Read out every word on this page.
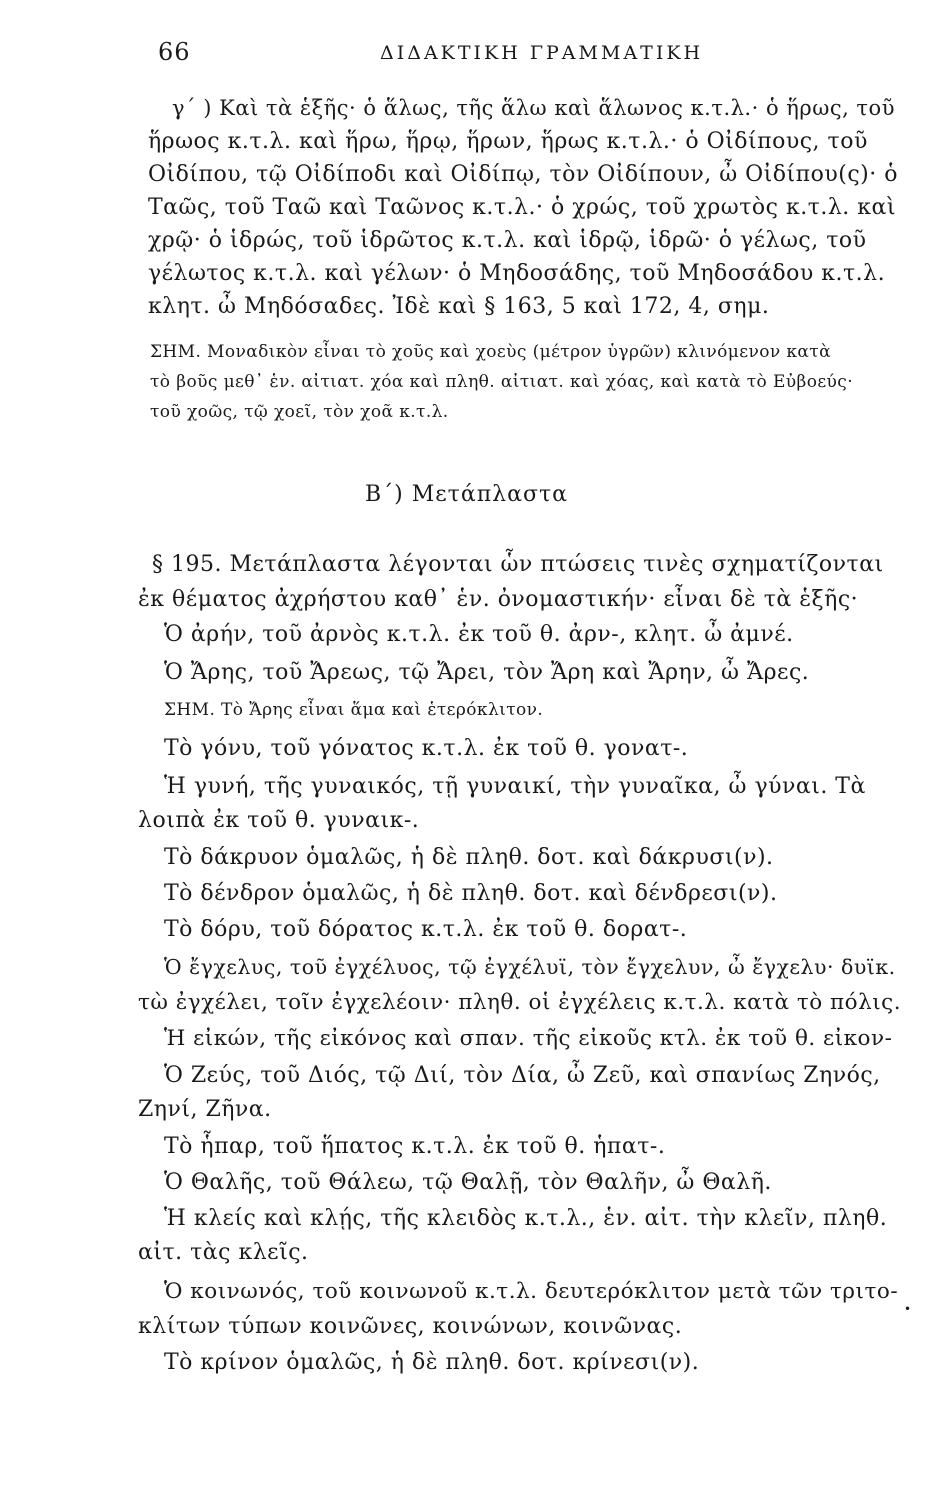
66	ΔΙΔΑΚΤΙΚΗ ΓΡΑΜΜΑΤΙΚΗ
γ΄ ) Καὶ τὰ ἑξῆς· ὁ ἅλως, τῆς ἅλω καὶ ἅλωνος κ.τ.λ.· ὁ ἥρως, τοῦ
ἥρωος κ.τ.λ. καὶ ἥρω, ἥρῳ, ἥρων, ἥρως κ.τ.λ.· ὁ Οἰδίπους, τοῦ
Οἰδίπου, τῷ Οἰδίποδι καὶ Οἰδίπῳ, τὸν Οἰδίπουν, ὦ Οἰδίπου(ς)· ὁ
Ταῶς, τοῦ Ταῶ καὶ Ταῶνος κ.τ.λ.· ὁ χρώς, τοῦ χρωτὸς κ.τ.λ. καὶ
χρῷ· ὁ ἱδρώς, τοῦ ἱδρῶτος κ.τ.λ. καὶ ἱδρῷ, ἱδρῶ· ὁ γέλως, τοῦ
γέλωτος κ.τ.λ. καὶ γέλων· ὁ Μηδοσάδης, τοῦ Μηδοσάδου κ.τ.λ.
κλητ. ὦ Μηδόσαδες. Ἰδὲ καὶ § 163, 5 καὶ 172, 4, σημ.
ΣΗΜ. Μοναδικὸν εἶναι τὸ χοῦς καὶ χοεὺς (μέτρον ὑγρῶν) κλινόμενον κατὰ
τὸ βοῦς μεθ᾽ ἑν. αἰτιατ. χόα καὶ πληθ. αἰτιατ. καὶ χόας, καὶ κατὰ τὸ Εὐβοεύς·
τοῦ χοῶς, τῷ χοεῖ, τὸν χοᾶ κ.τ.λ.
Β΄) Μετάπλαστα
§ 195. Μετάπλαστα λέγονται ὧν πτώσεις τινὲς σχηματίζονται
ἐκ θέματος ἀχρήστου καθ᾽ ἑν. ὀνομαστικήν· εἶναι δὲ τὰ ἑξῆς·
Ὁ ἀρήν, τοῦ ἀρνὸς κ.τ.λ. ἐκ τοῦ θ. ἀρν-, κλητ. ὦ ἀμνέ.
Ὁ Ἄρης, τοῦ Ἄρεως, τῷ Ἄρει, τὸν Ἄρη καὶ Ἄρην, ὦ Ἄρες.
ΣΗΜ. Τὸ Ἄρης εἶναι ἅμα καὶ ἑτερόκλιτον.
Τὸ γόνυ, τοῦ γόνατος κ.τ.λ. ἐκ τοῦ θ. γονατ-.
Ἡ γυνή, τῆς γυναικός, τῇ γυναικί, τὴν γυναῖκα, ὦ γύναι. Τὰ
λοιπὰ ἐκ τοῦ θ. γυναικ-.
Τὸ δάκρυον ὁμαλῶς, ἡ δὲ πληθ. δοτ. καὶ δάκρυσι(ν).
Τὸ δένδρον ὁμαλῶς, ἡ δὲ πληθ. δοτ. καὶ δένδρεσι(ν).
Τὸ δόρυ, τοῦ δόρατος κ.τ.λ. ἐκ τοῦ θ. δορατ-.
Ὁ ἔγχελυς, τοῦ ἐγχέλυος, τῷ ἐγχέλυϊ, τὸν ἔγχελυν, ὦ ἔγχελυ· δυϊκ.
τὼ ἐγχέλει, τοῖν ἐγχελέοιν· πληθ. οἱ ἐγχέλεις κ.τ.λ. κατὰ τὸ πόλις.
Ἡ εἰκών, τῆς εἰκόνος καὶ σπαν. τῆς εἰκοῦς κτλ. ἐκ τοῦ θ. εἰκον-
Ὁ Ζεύς, τοῦ Διός, τῷ Διί, τὸν Δία, ὦ Ζεῦ, καὶ σπανίως Ζηνός,
Ζηνί, Ζῆνα.
Τὸ ἧπαρ, τοῦ ἥπατος κ.τ.λ. ἐκ τοῦ θ. ἡπατ-.
Ὁ Θαλῆς, τοῦ Θάλεω, τῷ Θαλῇ, τὸν Θαλῆν, ὦ Θαλῆ.
Ἡ κλείς καὶ κλῄς, τῆς κλειδὸς κ.τ.λ., ἑν. αἰτ. τὴν κλεῖν, πληθ.
αἰτ. τὰς κλεῖς.
Ὁ κοινωνός, τοῦ κοινωνοῦ κ.τ.λ. δευτερόκλιτον μετὰ τῶν τριτο-
κλίτων τύπων κοινῶνες, κοινώνων, κοινῶνας.
Τὸ κρίνον ὁμαλῶς, ἡ δὲ πληθ. δοτ. κρίνεσι(ν).
•
